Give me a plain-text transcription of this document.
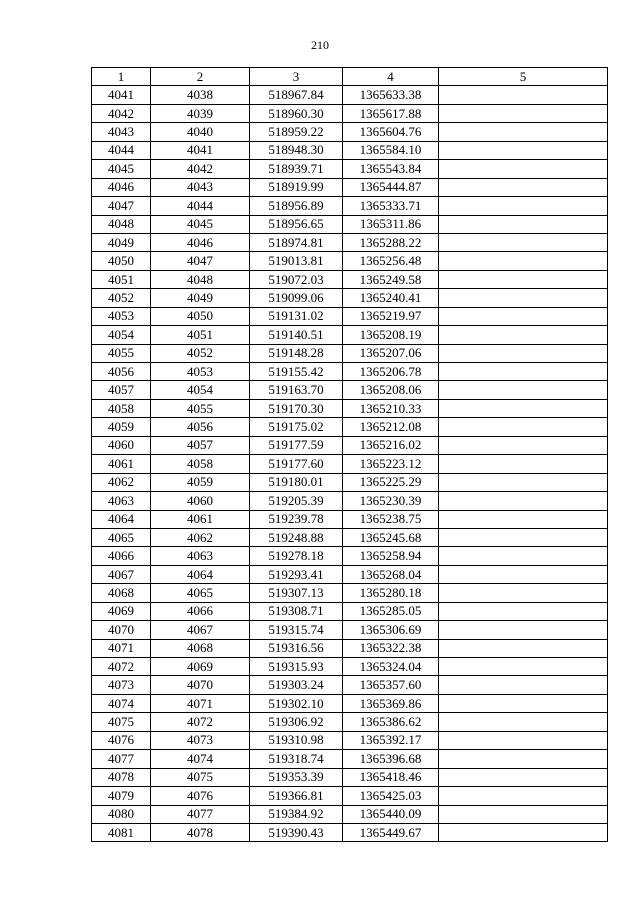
210
1	2	3	4	5
4041	4038	518967.84	1365633.38	
4042	4039	518960.30	1365617.88	
4043	4040	518959.22	1365604.76	
4044	4041	518948.30	1365584.10	
4045	4042	518939.71	1365543.84	
4046	4043	518919.99	1365444.87	
4047	4044	518956.89	1365333.71	
4048	4045	518956.65	1365311.86	
4049	4046	518974.81	1365288.22	
4050	4047	519013.81	1365256.48	
4051	4048	519072.03	1365249.58	
4052	4049	519099.06	1365240.41	
4053	4050	519131.02	1365219.97	
4054	4051	519140.51	1365208.19	
4055	4052	519148.28	1365207.06	
4056	4053	519155.42	1365206.78	
4057	4054	519163.70	1365208.06	
4058	4055	519170.30	1365210.33	
4059	4056	519175.02	1365212.08	
4060	4057	519177.59	1365216.02	
4061	4058	519177.60	1365223.12	
4062	4059	519180.01	1365225.29	
4063	4060	519205.39	1365230.39	
4064	4061	519239.78	1365238.75	
4065	4062	519248.88	1365245.68	
4066	4063	519278.18	1365258.94	
4067	4064	519293.41	1365268.04	
4068	4065	519307.13	1365280.18	
4069	4066	519308.71	1365285.05	
4070	4067	519315.74	1365306.69	
4071	4068	519316.56	1365322.38	
4072	4069	519315.93	1365324.04	
4073	4070	519303.24	1365357.60	
4074	4071	519302.10	1365369.86	
4075	4072	519306.92	1365386.62	
4076	4073	519310.98	1365392.17	
4077	4074	519318.74	1365396.68	
4078	4075	519353.39	1365418.46	
4079	4076	519366.81	1365425.03	
4080	4077	519384.92	1365440.09	
4081	4078	519390.43	1365449.67	
